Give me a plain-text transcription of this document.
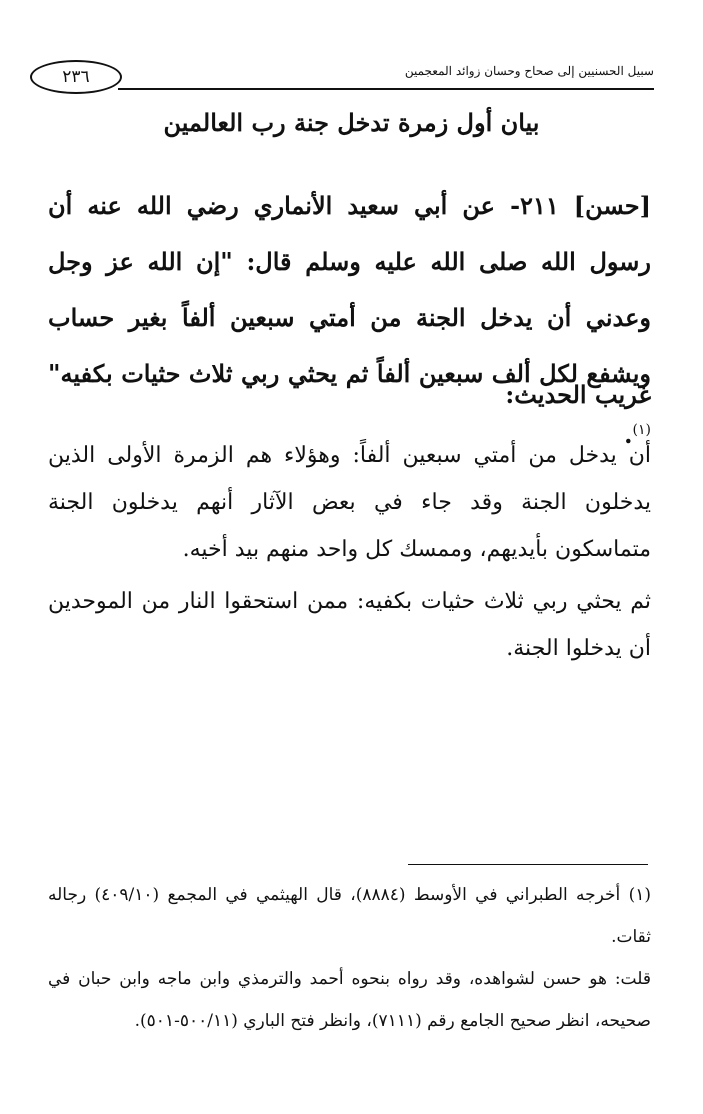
٢٣٦	سبيل الحسنيين إلى صحاح وحسان زوائد المعجمين
بيان أول زمرة تدخل جنة رب العالمين
[حسن] ٢١١- عن أبي سعيد الأنماري رضي الله عنه أن رسول الله صلى الله عليه وسلم قال: "إن الله عز وجل وعدني أن يدخل الجنة من أمتي سبعين ألفاً بغير حساب ويشفع لكل ألف سبعين ألفاً ثم يحثي ربي ثلاث حثيات بكفيه"$^{(١)}$.
غريب الحديث:
أن يدخل من أمتي سبعين ألفاً: وهؤلاء هم الزمرة الأولى الذين يدخلون الجنة وقد جاء في بعض الآثار أنهم يدخلون الجنة متماسكون بأيديهم، وممسك كل واحد منهم بيد أخيه.
ثم يحثي ربي ثلاث حثيات بكفيه: ممن استحقوا النار من الموحدين أن يدخلوا الجنة.

(١) أخرجه الطبراني في الأوسط (٨٨٨٤)، قال الهيثمي في المجمع (٤٠٩/١٠) رجاله ثقات.

قلت: هو حسن لشواهده، وقد رواه بنحوه أحمد والترمذي وابن ماجه وابن حبان في صحيحه، انظر صحيح الجامع رقم (٧١١١)، وانظر فتح الباري (٥٠٠/١١-٥٠١).
